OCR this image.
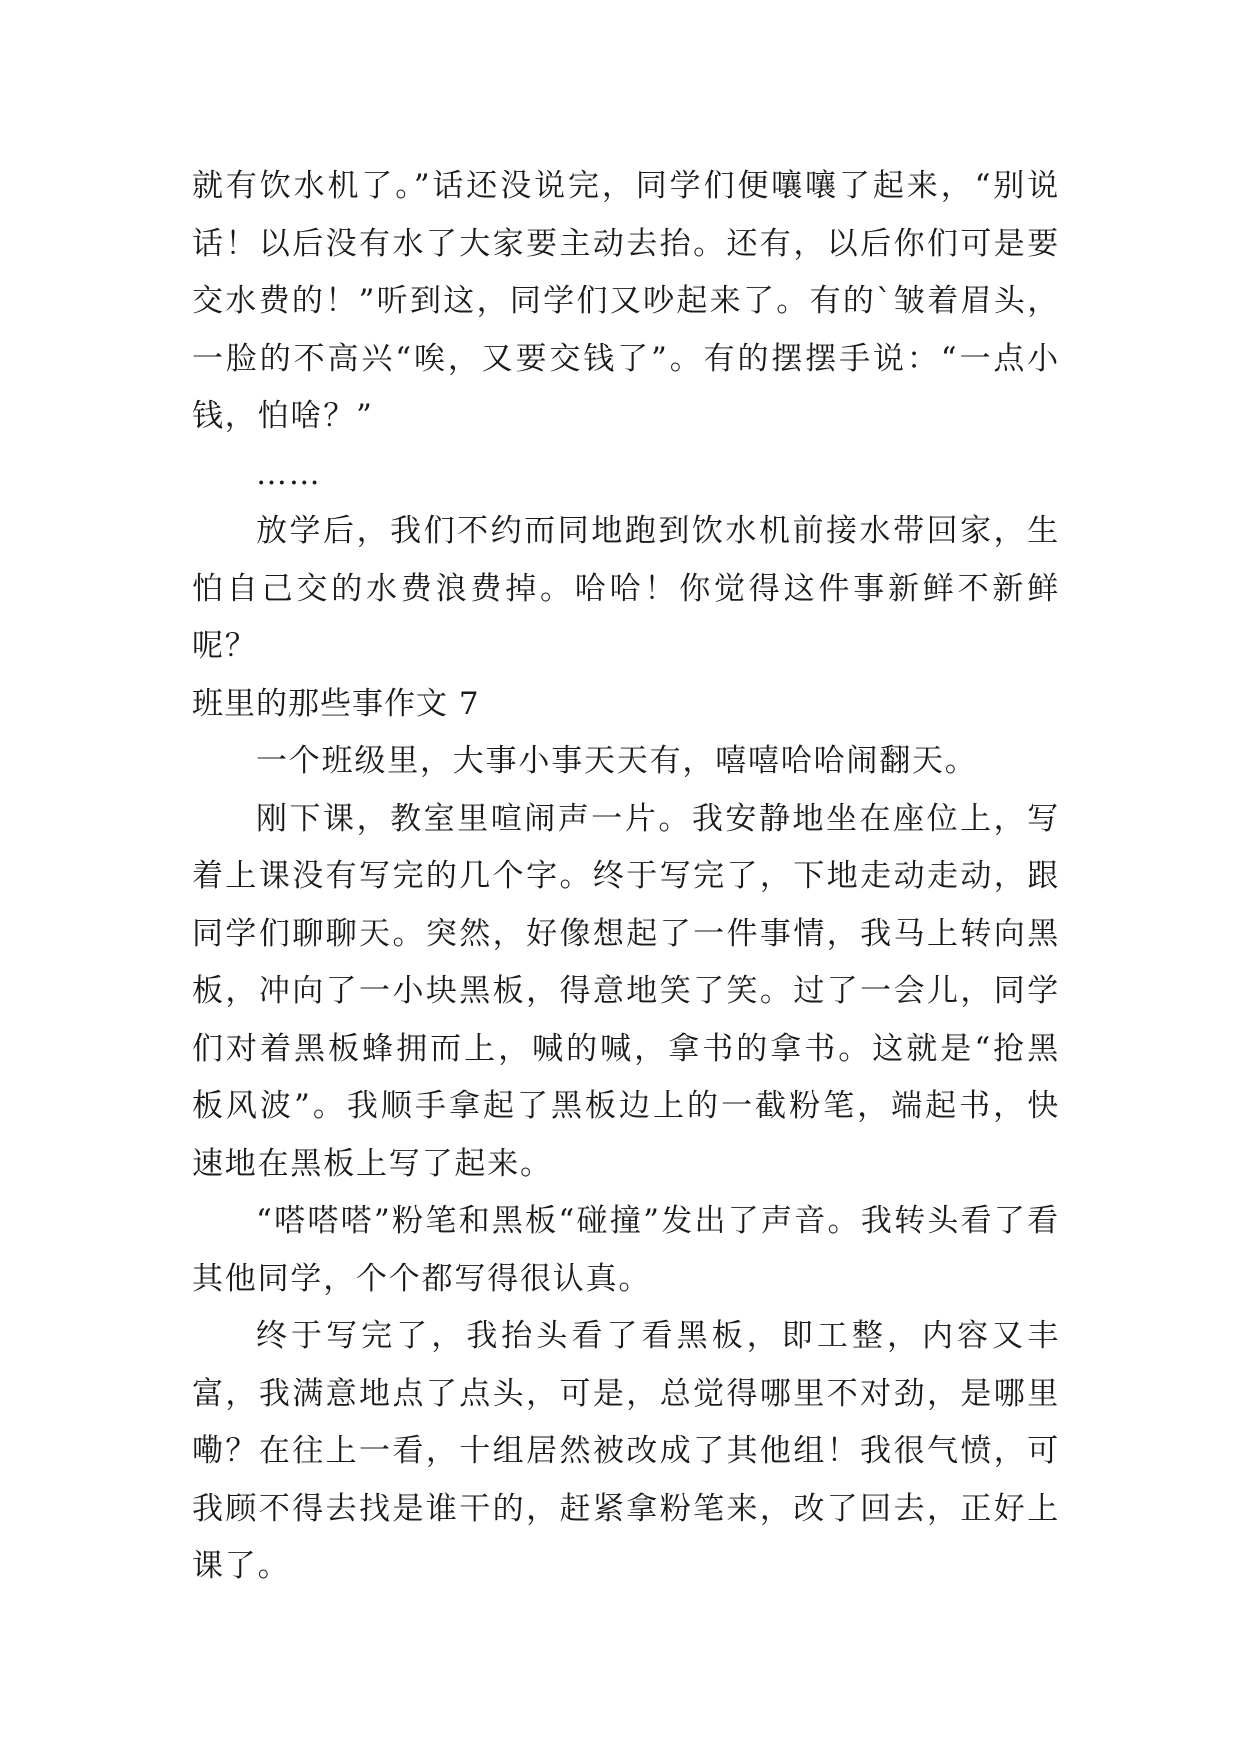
就有饮水机了。”话还没说完，同学们便嚷嚷了起来，“别说话！以后没有水了大家要主动去抬。还有，以后你们可是要交水费的！”听到这，同学们又吵起来了。有的`皱着眉头，一脸的不高兴“唉，又要交钱了”。有的摆摆手说：“一点小钱，怕啥？”

……

放学后，我们不约而同地跑到饮水机前接水带回家，生怕自己交的水费浪费掉。哈哈！你觉得这件事新鲜不新鲜呢？

班里的那些事作文 7

一个班级里，大事小事天天有，嘻嘻哈哈闹翻天。

刚下课，教室里喧闹声一片。我安静地坐在座位上，写着上课没有写完的几个字。终于写完了，下地走动走动，跟同学们聊聊天。突然，好像想起了一件事情，我马上转向黑板，冲向了一小块黑板，得意地笑了笑。过了一会儿，同学们对着黑板蜂拥而上，喊的喊，拿书的拿书。这就是“抢黑板风波”。我顺手拿起了黑板边上的一截粉笔，端起书，快速地在黑板上写了起来。

“嗒嗒嗒”粉笔和黑板“碰撞”发出了声音。我转头看了看其他同学，个个都写得很认真。

终于写完了，我抬头看了看黑板，即工整，内容又丰富，我满意地点了点头，可是，总觉得哪里不对劲，是哪里嘞？在往上一看，十组居然被改成了其他组！我很气愤，可我顾不得去找是谁干的，赶紧拿粉笔来，改了回去，正好上课了。
